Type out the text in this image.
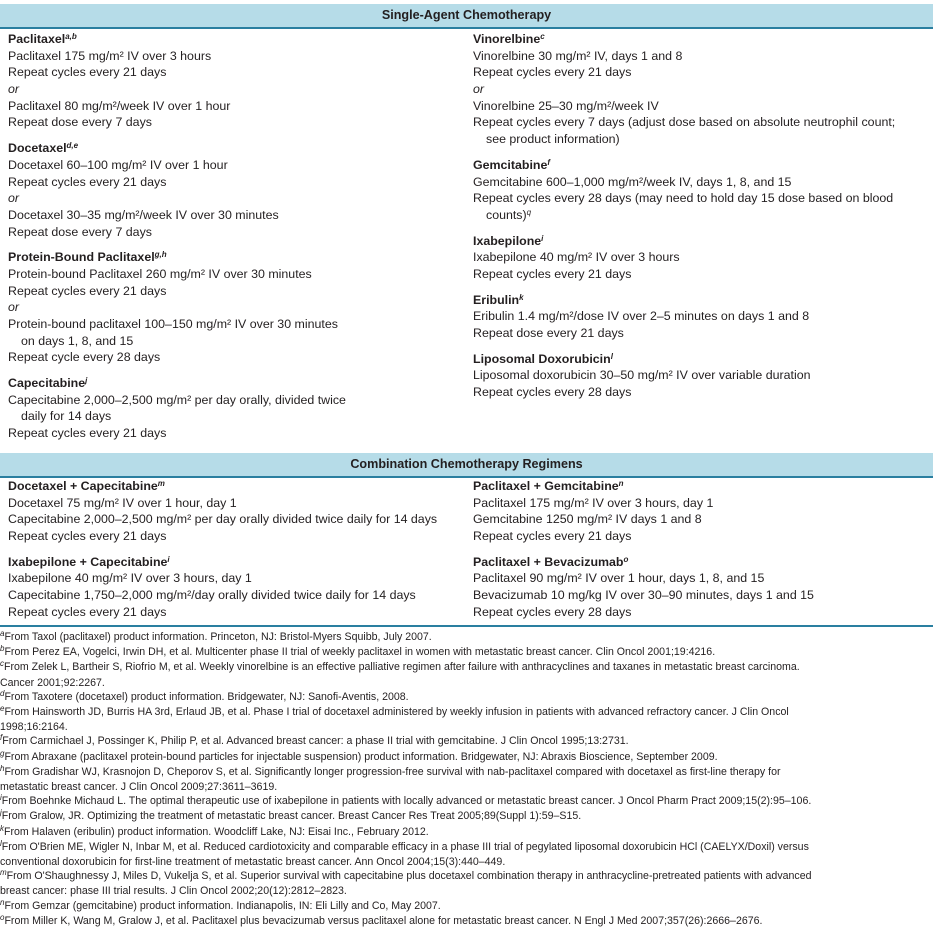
Single-Agent Chemotherapy

Paclitaxel$^{a,b}$

Paclitaxel 175 mg/m² IV over 3 hours

Repeat cycles every 21 days

or

Paclitaxel 80 mg/m²/week IV over 1 hour

Repeat dose every 7 days

Docetaxel$^{d,e}$

Docetaxel 60–100 mg/m² IV over 1 hour

Repeat cycles every 21 days

or

Docetaxel 30–35 mg/m²/week IV over 30 minutes

Repeat dose every 7 days

Protein-Bound Paclitaxel$^{g,h}$

Protein-bound Paclitaxel 260 mg/m² IV over 30 minutes

Repeat cycles every 21 days

or

Protein-bound paclitaxel 100–150 mg/m² IV over 30 minutes

on days 1, 8, and 15

Repeat cycle every 28 days

Capecitabine$^j$

Capecitabine 2,000–2,500 mg/m² per day orally, divided twice

daily for 14 days

Repeat cycles every 21 days

Vinorelbine$^c$

Vinorelbine 30 mg/m² IV, days 1 and 8

Repeat cycles every 21 days

or

Vinorelbine 25–30 mg/m²/week IV

Repeat cycles every 7 days (adjust dose based on absolute neutrophil count;

see product information)

Gemcitabine$^f$

Gemcitabine 600–1,000 mg/m²/week IV, days 1, 8, and 15

Repeat cycles every 28 days (may need to hold day 15 dose based on blood

counts)$^q$

Ixabepilone$^i$

Ixabepilone 40 mg/m² IV over 3 hours

Repeat cycles every 21 days

Eribulin$^k$

Eribulin 1.4 mg/m²/dose IV over 2–5 minutes on days 1 and 8

Repeat dose every 21 days

Liposomal Doxorubicin$^l$

Liposomal doxorubicin 30–50 mg/m² IV over variable duration

Repeat cycles every 28 days

Combination Chemotherapy Regimens

Docetaxel + Capecitabine$^m$

Docetaxel 75 mg/m² IV over 1 hour, day 1

Capecitabine 2,000–2,500 mg/m² per day orally divided twice daily for 14 days

Repeat cycles every 21 days

Ixabepilone + Capecitabine$^i$

Ixabepilone 40 mg/m² IV over 3 hours, day 1

Capecitabine 1,750–2,000 mg/m²/day orally divided twice daily for 14 days

Repeat cycles every 21 days

Paclitaxel + Gemcitabine$^n$

Paclitaxel 175 mg/m² IV over 3 hours, day 1

Gemcitabine 1250 mg/m² IV days 1 and 8

Repeat cycles every 21 days

Paclitaxel + Bevacizumab$^o$

Paclitaxel 90 mg/m² IV over 1 hour, days 1, 8, and 15

Bevacizumab 10 mg/kg IV over 30–90 minutes, days 1 and 15

Repeat cycles every 28 days

$^a$From Taxol (paclitaxel) product information. Princeton, NJ: Bristol-Myers Squibb, July 2007.
$^b$From Perez EA, Vogelci, Irwin DH, et al. Multicenter phase II trial of weekly paclitaxel in women with metastatic breast cancer. Clin Oncol 2001;19:4216.
$^c$From Zelek L, Bartheir S, Riofrio M, et al. Weekly vinorelbine is an effective palliative regimen after failure with anthracyclines and taxanes in metastatic breast carcinoma.
Cancer 2001;92:2267.
$^d$From Taxotere (docetaxel) product information. Bridgewater, NJ: Sanofi-Aventis, 2008.
$^e$From Hainsworth JD, Burris HA 3rd, Erlaud JB, et al. Phase I trial of docetaxel administered by weekly infusion in patients with advanced refractory cancer. J Clin Oncol
1998;16:2164.
$^f$From Carmichael J, Possinger K, Philip P, et al. Advanced breast cancer: a phase II trial with gemcitabine. J Clin Oncol 1995;13:2731.
$^g$From Abraxane (paclitaxel protein-bound particles for injectable suspension) product information. Bridgewater, NJ: Abraxis Bioscience, September 2009.
$^h$From Gradishar WJ, Krasnojon D, Cheporov S, et al. Significantly longer progression-free survival with nab-paclitaxel compared with docetaxel as first-line therapy for
metastatic breast cancer. J Clin Oncol 2009;27:3611–3619.
$^i$From Boehnke Michaud L. The optimal therapeutic use of ixabepilone in patients with locally advanced or metastatic breast cancer. J Oncol Pharm Pract 2009;15(2):95–106.
$^j$From Gralow, JR. Optimizing the treatment of metastatic breast cancer. Breast Cancer Res Treat 2005;89(Suppl 1):59–S15.
$^k$From Halaven (eribulin) product information. Woodcliff Lake, NJ: Eisai Inc., February 2012.
$^l$From O'Brien ME, Wigler N, Inbar M, et al. Reduced cardiotoxicity and comparable efficacy in a phase III trial of pegylated liposomal doxorubicin HCl (CAELYX/Doxil) versus
conventional doxorubicin for first-line treatment of metastatic breast cancer. Ann Oncol 2004;15(3):440–449.
$^m$From O'Shaughnessy J, Miles D, Vukelja S, et al. Superior survival with capecitabine plus docetaxel combination therapy in anthracycline-pretreated patients with advanced
breast cancer: phase III trial results. J Clin Oncol 2002;20(12):2812–2823.
$^n$From Gemzar (gemcitabine) product information. Indianapolis, IN: Eli Lilly and Co, May 2007.
$^o$From Miller K, Wang M, Gralow J, et al. Paclitaxel plus bevacizumab versus paclitaxel alone for metastatic breast cancer. N Engl J Med 2007;357(26):2666–2676.
